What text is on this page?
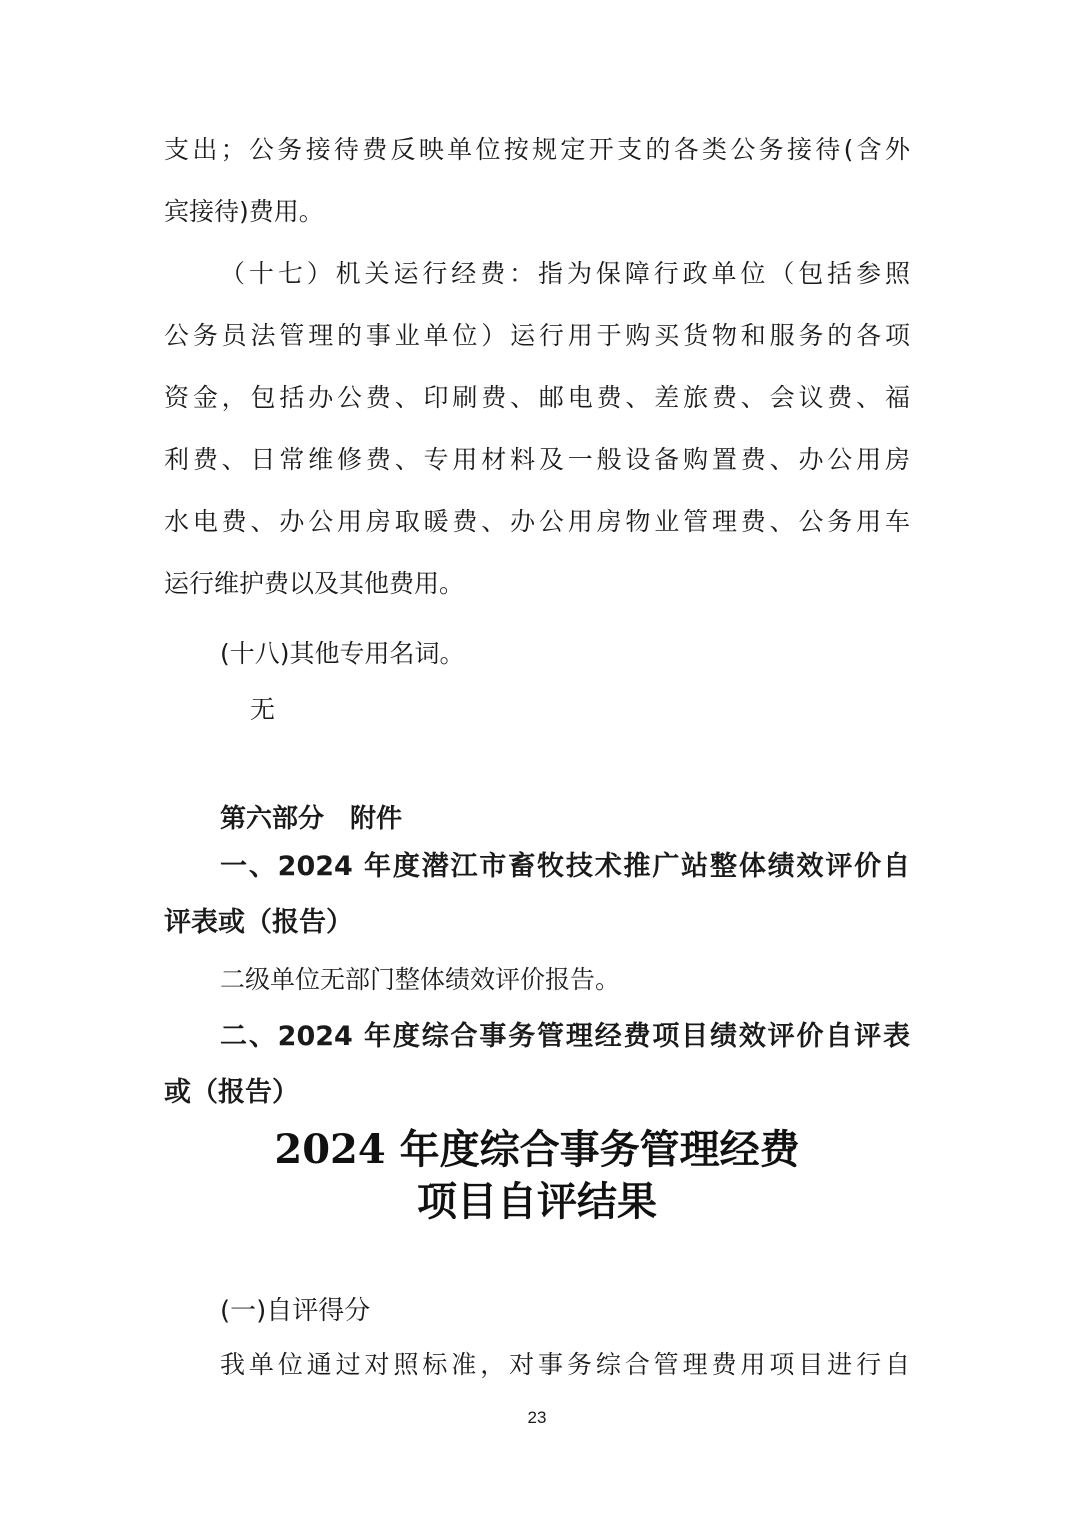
支出；公务接待费反映单位按规定开支的各类公务接待(含外
宾接待)费用。
（十七）机关运行经费：指为保障行政单位（包括参照
公务员法管理的事业单位）运行用于购买货物和服务的各项
资金，包括办公费、印刷费、邮电费、差旅费、会议费、福
利费、日常维修费、专用材料及一般设备购置费、办公用房
水电费、办公用房取暖费、办公用房物业管理费、公务用车
运行维护费以及其他费用。
(十八)其他专用名词。
无
第六部分　附件
一、2024 年度潜江市畜牧技术推广站整体绩效评价自
评表或（报告）
二级单位无部门整体绩效评价报告。
二、2024 年度综合事务管理经费项目绩效评价自评表
或（报告）
2024 年度综合事务管理经费
项目自评结果
(一)自评得分
我单位通过对照标准，对事务综合管理费用项目进行自
23
